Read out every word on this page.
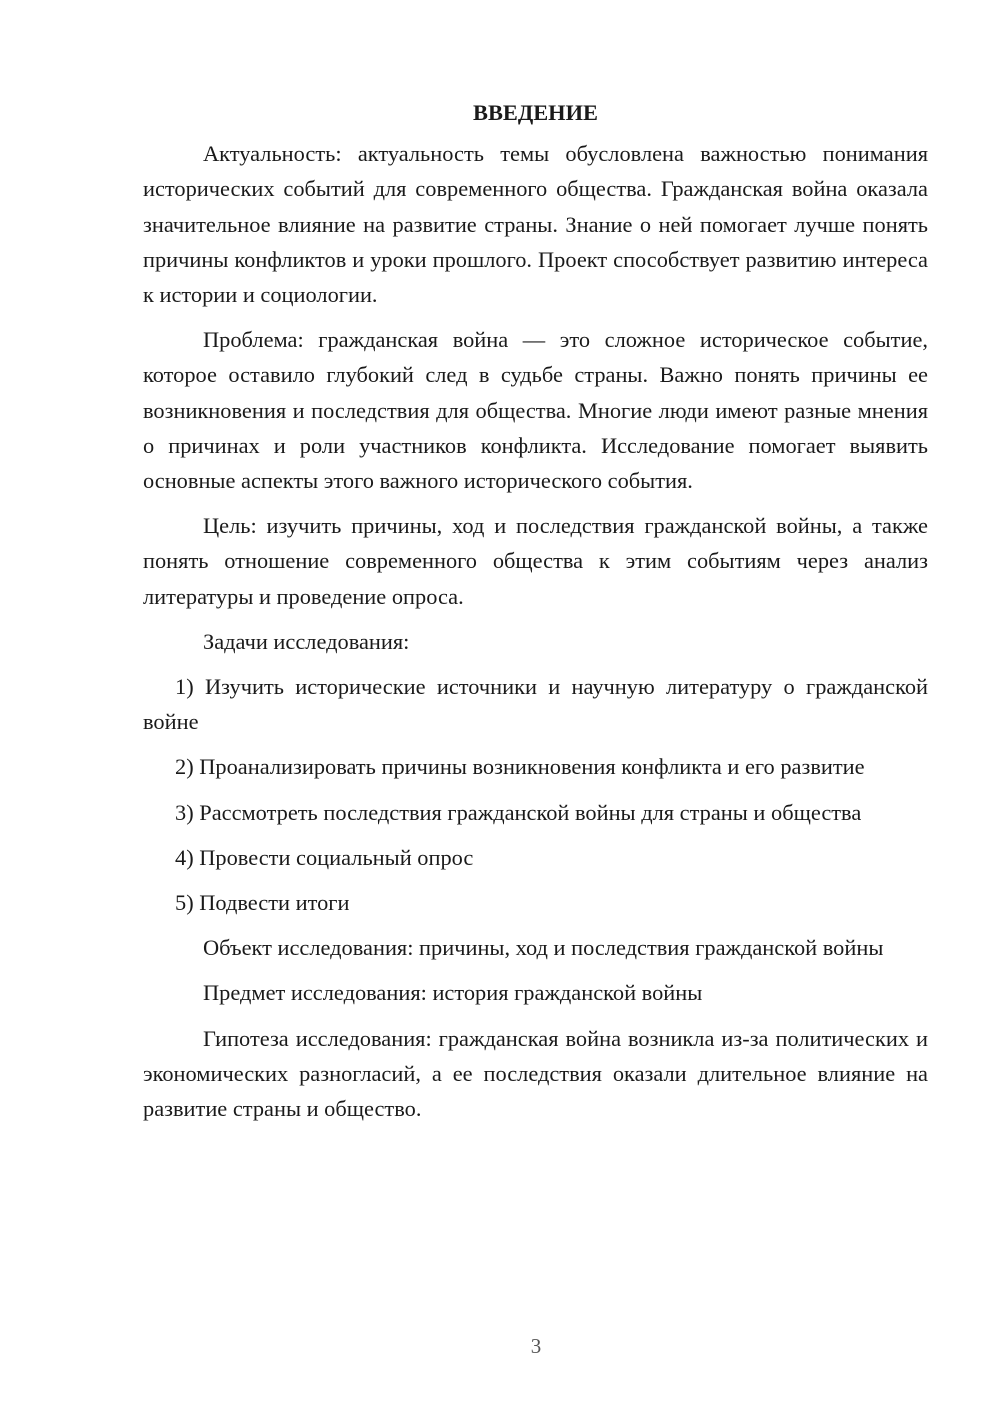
ВВЕДЕНИЕ

Актуальность: актуальность темы обусловлена важностью понимания исторических событий для современного общества. Гражданская война оказала значительное влияние на развитие страны. Знание о ней помогает лучше понять причины конфликтов и уроки прошлого. Проект способствует развитию интереса к истории и социологии.

Проблема: гражданская война — это сложное историческое событие, которое оставило глубокий след в судьбе страны. Важно понять причины ее возникновения и последствия для общества. Многие люди имеют разные мнения о причинах и роли участников конфликта. Исследование помогает выявить основные аспекты этого важного исторического события.

Цель: изучить причины, ход и последствия гражданской войны, а также понять отношение современного общества к этим событиям через анализ литературы и проведение опроса.

Задачи исследования:

1) Изучить исторические источники и научную литературу о гражданской войне

2) Проанализировать причины возникновения конфликта и его развитие

3) Рассмотреть последствия гражданской войны для страны и общества

4) Провести социальный опрос

5) Подвести итоги

Объект исследования: причины, ход и последствия гражданской войны

Предмет исследования: история гражданской войны

Гипотеза исследования: гражданская война возникла из-за политических и экономических разногласий, а ее последствия оказали длительное влияние на развитие страны и общество.

3
